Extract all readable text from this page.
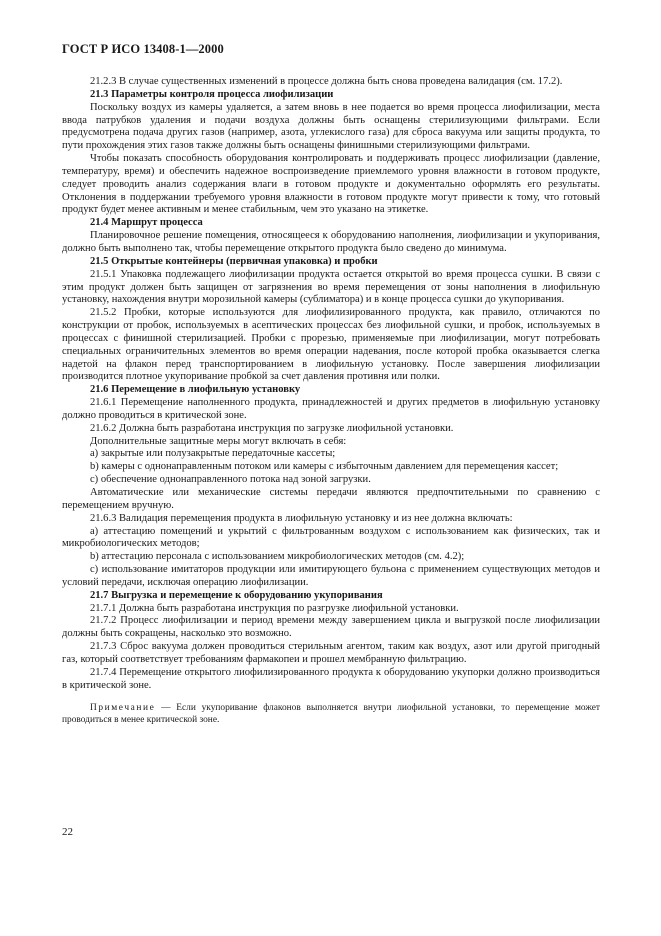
ГОСТ Р ИСО 13408-1—2000

21.2.3 В случае существенных изменений в процессе должна быть снова проведена валидация (см. 17.2).

21.3 Параметры контроля процесса лиофилизации

Поскольку воздух из камеры удаляется, а затем вновь в нее подается во время процесса лиофилизации, места ввода патрубков удаления и подачи воздуха должны быть оснащены стерилизующими фильтрами. Если предусмотрена подача других газов (например, азота, углекислого газа) для сброса вакуума или защиты продукта, то пути прохождения этих газов также должны быть оснащены финишными стерилизующими фильтрами.

Чтобы показать способность оборудования контролировать и поддерживать процесс лиофилизации (давление, температуру, время) и обеспечить надежное воспроизведение приемлемого уровня влажности в готовом продукте, следует проводить анализ содержания влаги в готовом продукте и документально оформлять его результаты. Отклонения в поддержании требуемого уровня влажности в готовом продукте могут привести к тому, что готовый продукт будет менее активным и менее стабильным, чем это указано на этикетке.

21.4 Маршрут процесса

Планировочное решение помещения, относящееся к оборудованию наполнения, лиофилизации и укупоривания, должно быть выполнено так, чтобы перемещение открытого продукта было сведено до минимума.

21.5 Открытые контейнеры (первичная упаковка) и пробки

21.5.1 Упаковка подлежащего лиофилизации продукта остается открытой во время процесса сушки. В связи с этим продукт должен быть защищен от загрязнения во время перемещения от зоны наполнения в лиофильную установку, нахождения внутри морозильной камеры (сублиматора) и в конце процесса сушки до укупоривания.

21.5.2 Пробки, которые используются для лиофилизированного продукта, как правило, отличаются по конструкции от пробок, используемых в асептических процессах без лиофильной сушки, и пробок, используемых в процессах с финишной стерилизацией. Пробки с прорезью, применяемые при лиофилизации, могут потребовать специальных ограничительных элементов во время операции надевания, после которой пробка оказывается слегка надетой на флакон перед транспортированием в лиофильную установку. После завершения лиофилизации производится плотное укупоривание пробкой за счет давления противня или полки.

21.6 Перемещение в лиофильную установку

21.6.1 Перемещение наполненного продукта, принадлежностей и других предметов в лиофильную установку должно проводиться в критической зоне.

21.6.2 Должна быть разработана инструкция по загрузке лиофильной установки.

Дополнительные защитные меры могут включать в себя:

a) закрытые или полузакрытые передаточные кассеты;

b) камеры с однонаправленным потоком или камеры с избыточным давлением для перемещения кассет;

c) обеспечение однонаправленного потока над зоной загрузки.

Автоматические или механические системы передачи являются предпочтительными по сравнению с перемещением вручную.

21.6.3 Валидация перемещения продукта в лиофильную установку и из нее должна включать:

a) аттестацию помещений и укрытий с фильтрованным воздухом с использованием как физических, так и микробиологических методов;

b) аттестацию персонала с использованием микробиологических методов (см. 4.2);

c) использование имитаторов продукции или имитирующего бульона с применением существующих методов и условий передачи, исключая операцию лиофилизации.

21.7 Выгрузка и перемещение к оборудованию укупоривания

21.7.1 Должна быть разработана инструкция по разгрузке лиофильной установки.

21.7.2 Процесс лиофилизации и период времени между завершением цикла и выгрузкой после лиофилизации должны быть сокращены, насколько это возможно.

21.7.3 Сброс вакуума должен проводиться стерильным агентом, таким как воздух, азот или другой пригодный газ, который соответствует требованиям фармакопеи и прошел мембранную фильтрацию.

21.7.4 Перемещение открытого лиофилизированного продукта к оборудованию укупорки должно производиться в критической зоне.

Примечание — Если укупоривание флаконов выполняется внутри лиофильной установки, то перемещение может проводиться в менее критической зоне.

22
